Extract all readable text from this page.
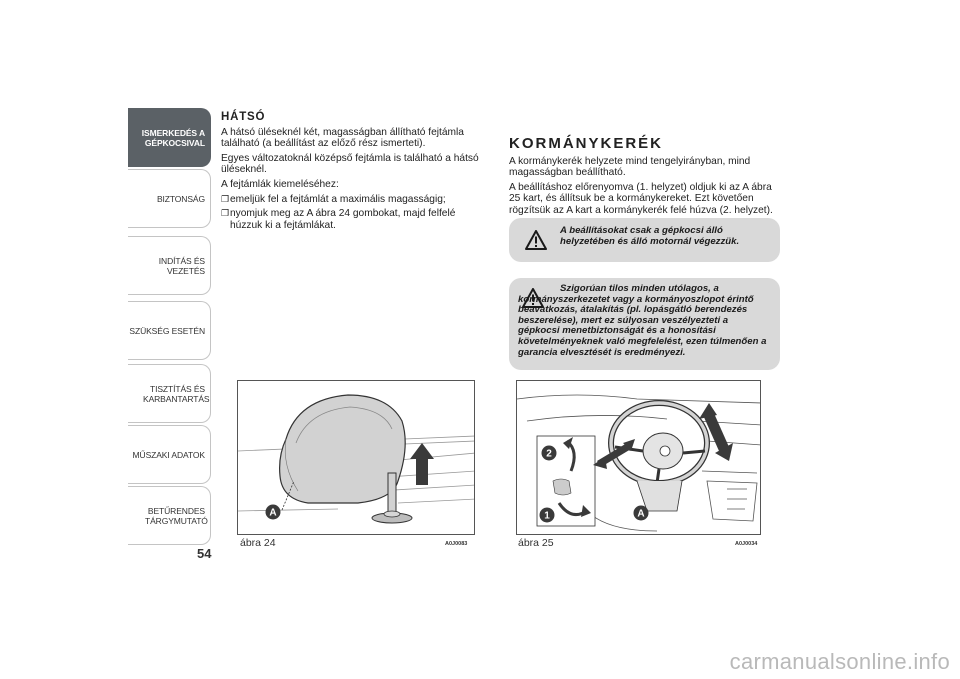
ISMERKEDÉS A GÉPKOCSIVAL
BIZTONSÁG
INDÍTÁS ÉS VEZETÉS
SZÜKSÉG ESETÉN
TISZTÍTÁS ÉS KARBANTARTÁS
MŰSZAKI ADATOK
BETŰRENDES TÁRGYMUTATÓ
54
HÁTSÓ

A hátsó üléseknél két, magasságban állítható fejtámla található (a beállítást az előző rész ismerteti).

Egyes változatoknál középső fejtámla is található a hátsó üléseknél.

A fejtámlák kiemeléséhez:

❐ emeljük fel a fejtámlát a maximális magasságig;
❐ nyomjuk meg az A ábra 24 gombokat, majd felfelé húzzuk ki a fejtámlákat.
KORMÁNYKERÉK

A kormánykerék helyzete mind tengelyirányban, mind magasságban beállítható.

A beállításhoz előrenyomva (1. helyzet) oldjuk ki az A ábra 25 kart, és állítsuk be a kormánykereket. Ezt követően rögzítsük az A kart a kormánykerék felé húzva (2. helyzet).

A beállításokat csak a gépkocsi álló helyzetében és álló motornál végezzük.
Szigorúan tilos minden utólagos, a kormányszerkezetet vagy a kormányoszlopot érintő beavatkozás, átalakítás (pl. lopásgátló berendezés beszerelése), mert ez súlyosan veszélyezteti a gépkocsi menetbiztonságát és a honosítási követelményeknek való megfelelést, ezen túlmenően a garancia elvesztését is eredményezi.
A
ábra 24	A0J0083
2
1	A
ábra 25	A0J0034
carmanualsonline.info
